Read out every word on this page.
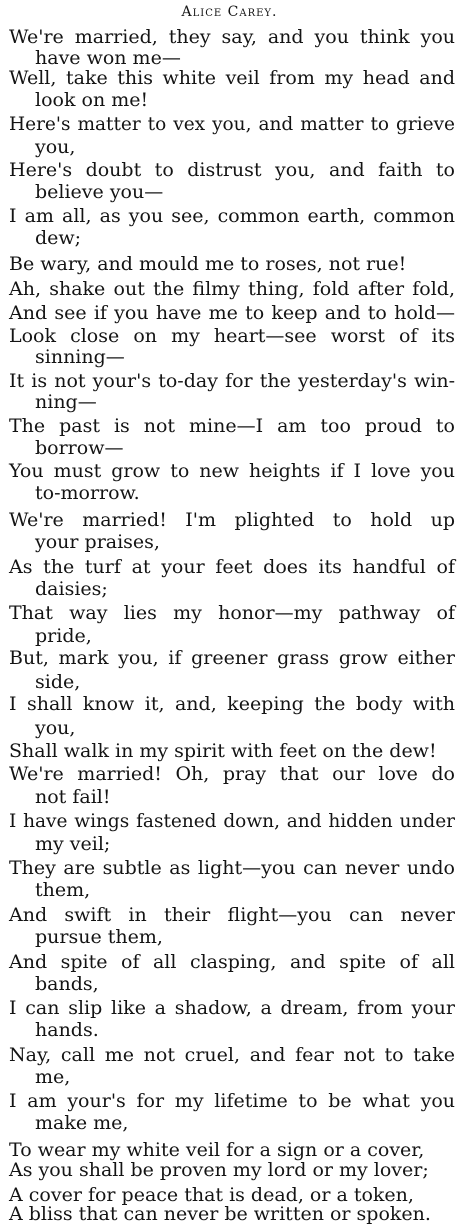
Alice Carey.
We're married, they say, and you think you
have won me—
Well, take this white veil from my head and
look on me!
Here's matter to vex you, and matter to grieve
you,
Here's doubt to distrust you, and faith to
believe you—
I am all, as you see, common earth, common
dew;
Be wary, and mould me to roses, not rue!
Ah, shake out the filmy thing, fold after fold,
And see if you have me to keep and to hold—
Look close on my heart—see worst of its
sinning—
It is not your's to-day for the yesterday's win-
ning—
The past is not mine—I am too proud to
borrow—
You must grow to new heights if I love you
to-morrow.
We're married! I'm plighted to hold up
your praises,
As the turf at your feet does its handful of
daisies;
That way lies my honor—my pathway of
pride,
But, mark you, if greener grass grow either
side,
I shall know it, and, keeping the body with
you,
Shall walk in my spirit with feet on the dew!
We're married! Oh, pray that our love do
not fail!
I have wings fastened down, and hidden under
my veil;
They are subtle as light—you can never undo
them,
And swift in their flight—you can never
pursue them,
And spite of all clasping, and spite of all
bands,
I can slip like a shadow, a dream, from your
hands.
Nay, call me not cruel, and fear not to take
me,
I am your's for my lifetime to be what you
make me,
To wear my white veil for a sign or a cover,
As you shall be proven my lord or my lover;
A cover for peace that is dead, or a token,
A bliss that can never be written or spoken.
